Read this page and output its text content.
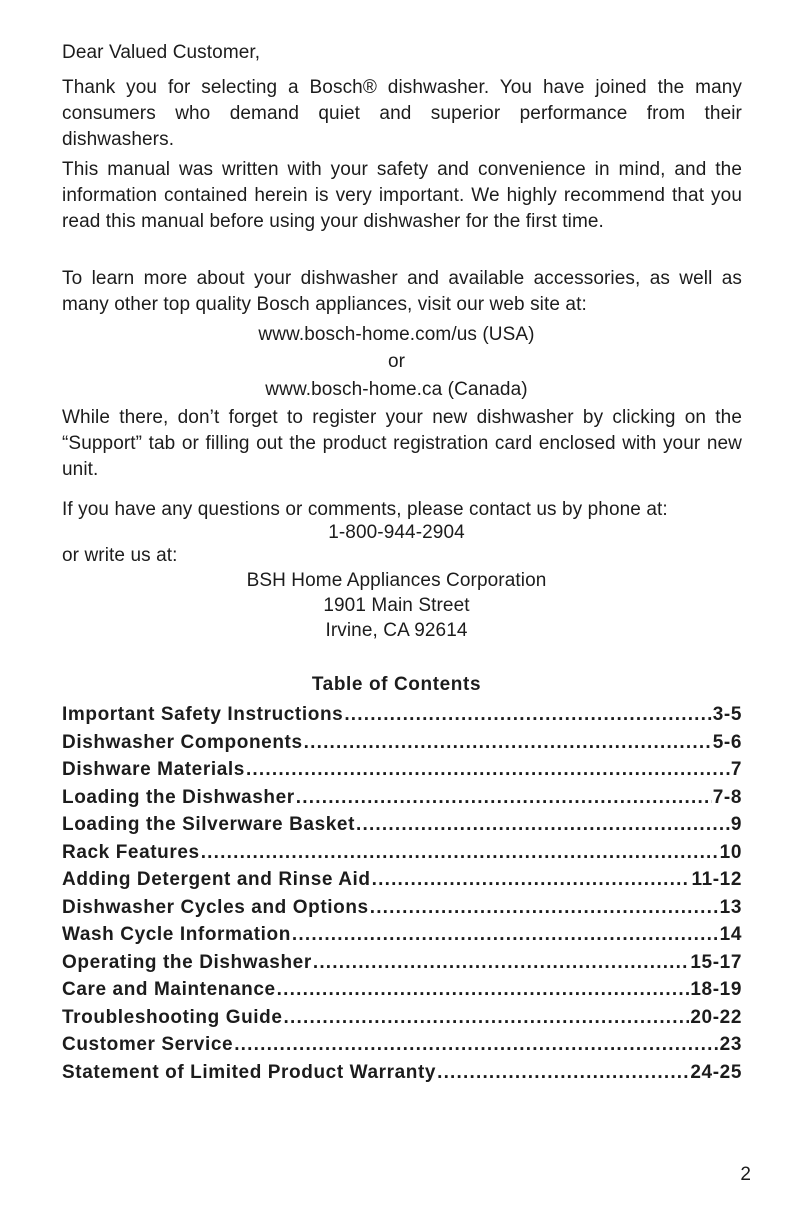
Dear Valued Customer,
Thank you for selecting a Bosch® dishwasher. You have joined the many consumers who demand quiet and superior performance from their dishwashers.
This manual was written with your safety and convenience in mind, and the information contained herein is very important. We highly recommend that you read this manual before using your dishwasher for the first time.
To learn more about your dishwasher and available accessories, as well as many other top quality Bosch appliances, visit our web site at:
www.bosch-home.com/us (USA)
or
www.bosch-home.ca (Canada)
While there, don’t forget to register your new dishwasher by clicking on the “Support” tab or filling out the product registration card enclosed with your new unit.
If you have any questions or comments, please contact us by phone at:
1-800-944-2904
or write us at:
BSH Home Appliances Corporation
1901 Main Street
Irvine, CA 92614
Table of Contents
Important Safety Instructions .....	3-5
Dishwasher Components .....	5-6
Dishware Materials .....	7
Loading the Dishwasher .....	7-8
Loading the Silverware Basket .....	9
Rack Features .....	10
Adding Detergent and Rinse Aid .....	11-12
Dishwasher Cycles and Options .....	13
Wash Cycle Information .....	14
Operating the Dishwasher .....	15-17
Care and Maintenance .....	18-19
Troubleshooting Guide .....	20-22
Customer Service .....	23
Statement of Limited Product Warranty .....	24-25
2
